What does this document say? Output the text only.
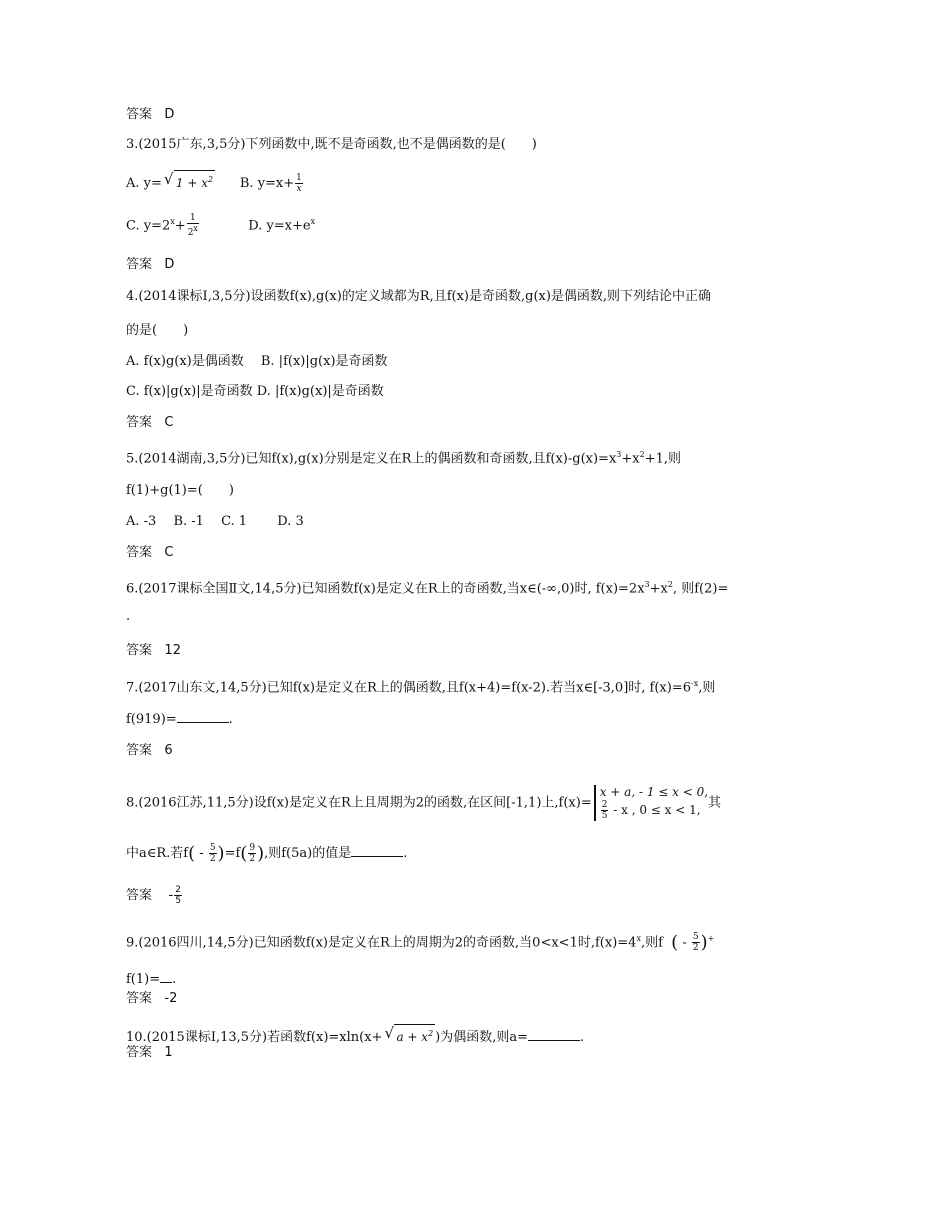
答案 D
3.(2015广东,3,5分)下列函数中,既不是奇函数,也不是偶函数的是(　　)
A. y= √ $1 + x^2$ B. $y=x+ \frac{1}{x}$
C. $y=2^x+ \frac{1}{2^x}$	D. $y=x+e^x$
答案 D
4.(2014课标Ⅰ,3,5分)设函数f(x),g(x)的定义域都为R,且f(x)是奇函数,g(x)是偶函数,则下列结论中正确
的是(　　)
A. f(x)g(x)是偶函数　 B. |f(x)|g(x)是奇函数
C. f(x)|g(x)|是奇函数 D. |f(x)g(x)|是奇函数
答案 C
5.(2014湖南,3,5分)已知f(x),g(x)分别是定义在R上的偶函数和奇函数,且$f(x)-g(x)=x^3+x^2+1$,则
f(1)+g(1)=(　　)
A. -3　 B. -1　 C. 1　　 D. 3
答案 C
6.(2017课标全国Ⅱ文,14,5分)已知函数f(x)是定义在R上的奇函数,当x∈(-∞,0)时, $f(x)=2x^3+x^2$, 则f(2)=
.
答案 12
7.(2017山东文,14,5分)已知f(x)是定义在R上的偶函数,且f(x+4)=f(x-2).若当x∈[-3,0]时, $f(x)=6^{-x}$,则
f(919)=	.
答案 6
8.(2016江苏,11,5分)设f(x)是定义在R上且周期为2的函数,在区间[-1,1)上,f(x)=x + a, - 1 ≤ x < 0,

$\frac{2}{5}$ - x , 0 ≤ x < 1, 其
中a∈R.若$f( - \frac{5}{2} )=f( \frac{9}{2}$ ),则f(5a)的值是	.
答案 - $\frac{2}{5}$
9.(2016四川,14,5分)已知函数f(x)是定义在R上的周期为2的奇函数,当0<x<1时$,f(x)=4^x$,则f ( - $\frac{5}{2} )^+$
f(1)= .
答案 -2
10.(2015课标Ⅰ,13,5分)若函数f(x)=xln(x+ √ $a + x^2$ )为偶函数,则a=	.
答案 1
